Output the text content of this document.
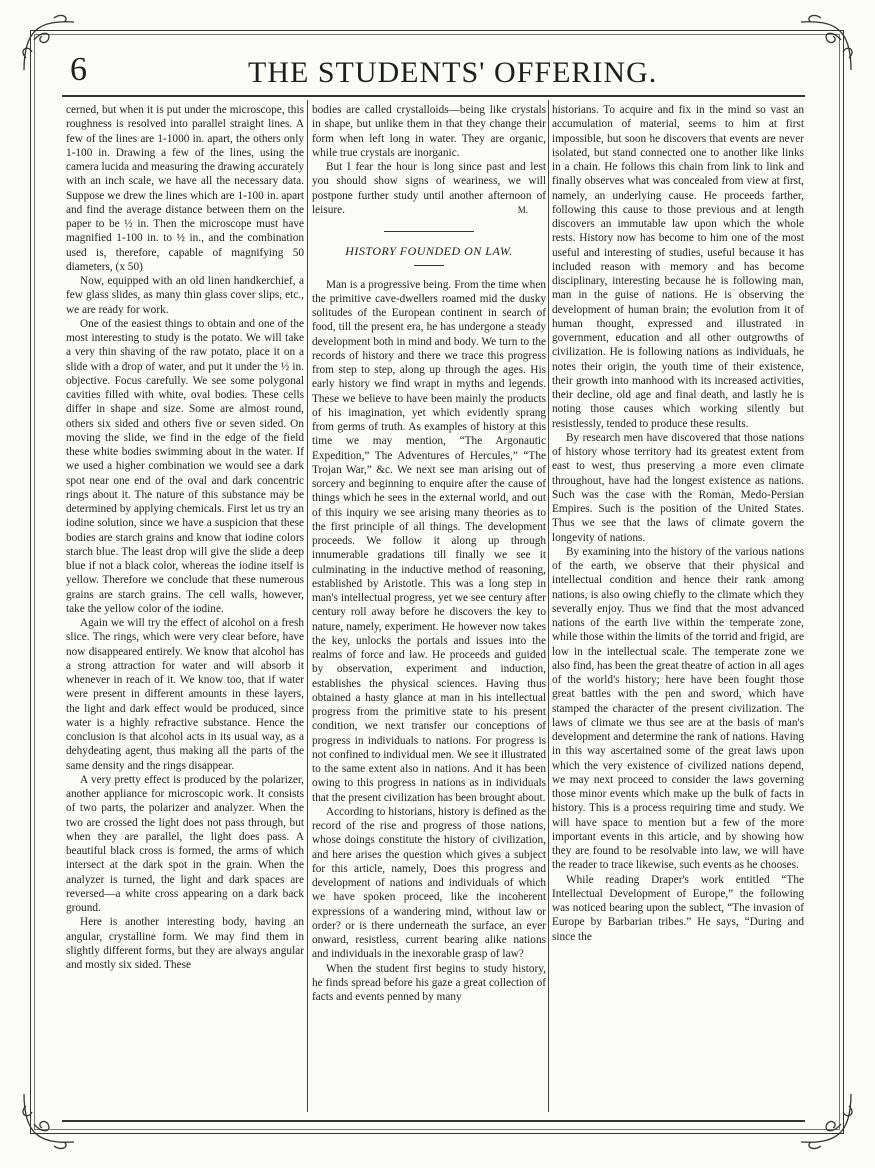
6	THE STUDENTS' OFFERING.

cerned, but when it is put under the microscope, this roughness is resolved into parallel straight lines. A few of the lines are 1-1000 in. apart, the others only 1-100 in. Drawing a few of the lines, using the camera lucida and measuring the drawing accurately with an inch scale, we have all the necessary data. Suppose we drew the lines which are 1-100 in. apart and find the average distance between them on the paper to be ½ in. Then the microscope must have magnified 1-100 in. to ½ in., and the combination used is, therefore, capable of magnifying 50 diameters, (x 50)

Now, equipped with an old linen handkerchief, a few glass slides, as many thin glass cover slips, etc., we are ready for work.

One of the easiest things to obtain and one of the most interesting to study is the potato. We will take a very thin shaving of the raw potato, place it on a slide with a drop of water, and put it under the ½ in. objective. Focus carefully. We see some polygonal cavities filled with white, oval bodies. These cells differ in shape and size. Some are almost round, others six sided and others five or seven sided. On moving the slide, we find in the edge of the field these white bodies swimming about in the water. If we used a higher combination we would see a dark spot near one end of the oval and dark concentric rings about it. The nature of this substance may be determined by applying chemicals. First let us try an iodine solution, since we have a suspicion that these bodies are starch grains and know that iodine colors starch blue. The least drop will give the slide a deep blue if not a black color, whereas the iodine itself is yellow. Therefore we conclude that these numerous grains are starch grains. The cell walls, however, take the yellow color of the iodine.

Again we will try the effect of alcohol on a fresh slice. The rings, which were very clear before, have now disappeared entirely. We know that alcohol has a strong attraction for water and will absorb it whenever in reach of it. We know too, that if water were present in different amounts in these layers, the light and dark effect would be produced, since water is a highly refractive substance. Hence the conclusion is that alcohol acts in its usual way, as a dehydeating agent, thus making all the parts of the same density and the rings disappear.

A very pretty effect is produced by the polarizer, another appliance for microscopic work. It consists of two parts, the polarizer and analyzer. When the two are crossed the light does not pass through, but when they are parallel, the light does pass. A beautiful black cross is formed, the arms of which intersect at the dark spot in the grain. When the analyzer is turned, the light and dark spaces are reversed—a white cross appearing on a dark back ground.

Here is another interesting body, having an angular, crystalline form. We may find them in slightly different forms, but they are always angular and mostly six sided. These

bodies are called crystalloids—being like crystals in shape, but unlike them in that they change their form when left long in water. They are organic, while true crystals are inorganic.

But I fear the hour is long since past and lest you should show signs of weariness, we will postpone further study until another afternoon of leisure.	M.
HISTORY FOUNDED ON LAW.

Man is a progressive being. From the time when the primitive cave-dwellers roamed mid the dusky solitudes of the European continent in search of food, till the present era, he has undergone a steady development both in mind and body. We turn to the records of history and there we trace this progress from step to step, along up through the ages. His early history we find wrapt in myths and legends. These we believe to have been mainly the products of his imagination, yet which evidently sprang from germs of truth. As examples of history at this time we may mention, “The Argonautic Expedition,” The Adventures of Hercules,” “The Trojan War,” &c. We next see man arising out of sorcery and beginning to enquire after the cause of things which he sees in the external world, and out of this inquiry we see arising many theories as to the first principle of all things. The development proceeds. We follow it along up through innumerable gradations till finally we see it culminating in the inductive method of reasoning, established by Aristotle. This was a long step in man's intellectual progress, yet we see century after century roll away before he discovers the key to nature, namely, experiment. He however now takes the key, unlocks the portals and issues into the realms of force and law. He proceeds and guided by observation, experiment and induction, establishes the physical sciences. Having thus obtained a hasty glance at man in his intellectual progress from the primitive state to his present condition, we next transfer our conceptions of progress in individuals to nations. For progress is not confined to individual men. We see it illustrated to the same extent also in nations. And it has been owing to this progress in nations as in individuals that the present civilization has been brought about.

According to historians, history is defined as the record of the rise and progress of those nations, whose doings constitute the history of civilization, and here arises the question which gives a subject for this article, namely, Does this progress and development of nations and individuals of which we have spoken proceed, like the incoherent expressions of a wandering mind, without law or order? or is there underneath the surface, an ever onward, resistless, current bearing alike nations and individuals in the inexorable grasp of law?

When the student first begins to study history, he finds spread before his gaze a great collection of facts and events penned by many

historians. To acquire and fix in the mind so vast an accumulation of material, seems to him at first impossible, but soon he discovers that events are never isolated, but stand connected one to another like links in a chain. He follows this chain from link to link and finally observes what was concealed from view at first, namely, an underlying cause. He proceeds farther, following this cause to those previous and at length discovers an immutable law upon which the whole rests. History now has become to him one of the most useful and interesting of studies, useful because it has included reason with memory and has become disciplinary, interesting because he is following man, man in the guise of nations. He is observing the development of human brain; the evolution from it of human thought, expressed and illustrated in government, education and all other outgrowths of civilization. He is following nations as individuals, he notes their origin, the youth time of their existence, their growth into manhood with its increased activities, their decline, old age and final death, and lastly he is noting those causes which working silently but resistlessly, tended to produce these results.

By research men have discovered that those nations of history whose territory had its greatest extent from east to west, thus preserving a more even climate throughout, have had the longest existence as nations. Such was the case with the Roman, Medo-Persian Empires. Such is the position of the United States. Thus we see that the laws of climate govern the longevity of nations.

By examining into the history of the various nations of the earth, we observe that their physical and intellectual condition and hence their rank among nations, is also owing chiefly to the climate which they severally enjoy. Thus we find that the most advanced nations of the earth live within the temperate zone, while those within the limits of the torrid and frigid, are low in the intellectual scale. The temperate zone we also find, has been the great theatre of action in all ages of the world's history; here have been fought those great battles with the pen and sword, which have stamped the character of the present civilization. The laws of climate we thus see are at the basis of man's development and determine the rank of nations. Having in this way ascertained some of the great laws upon which the very existence of civilized nations depend, we may next proceed to consider the laws governing those minor events which make up the bulk of facts in history. This is a process requiring time and study. We will have space to mention but a few of the more important events in this article, and by showing how they are found to be resolvable into law, we will have the reader to trace likewise, such events as he chooses.

While reading Draper's work entitled “The Intellectual Development of Europe,” the following was noticed bearing upon the sublect, “The invasion of Europe by Barbarian tribes.” He says, “During and since the
